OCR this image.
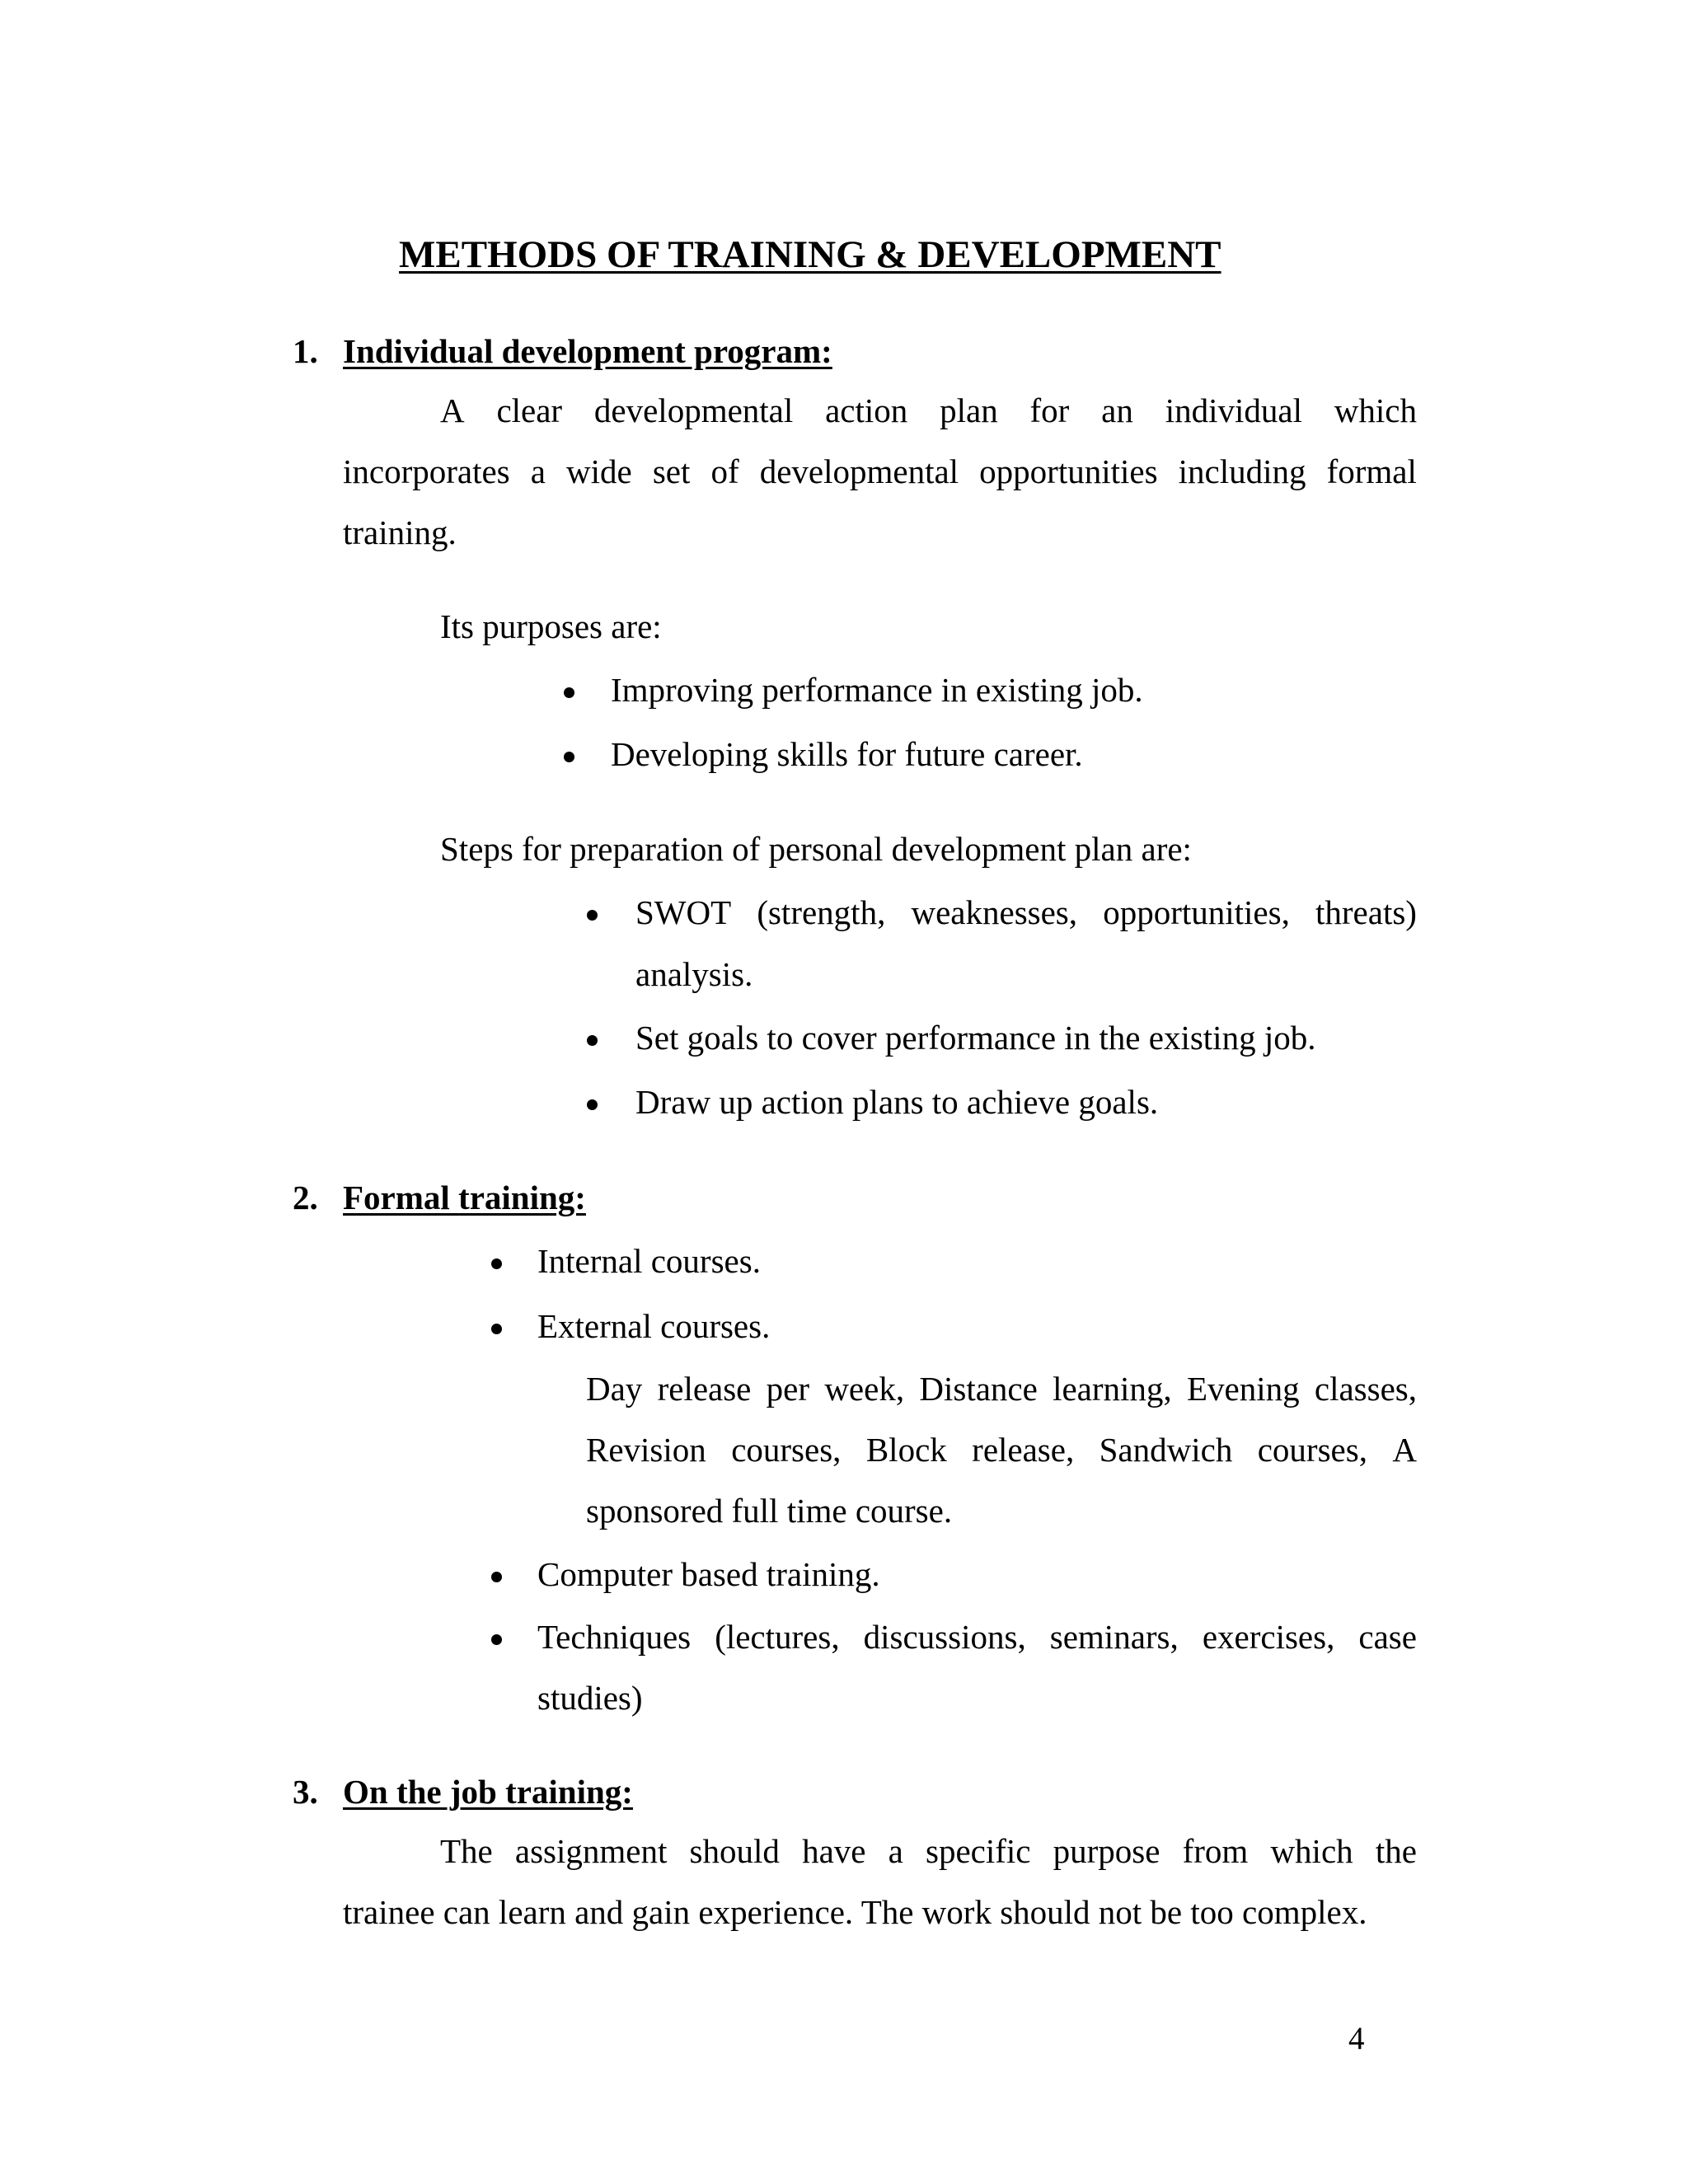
METHODS OF TRAINING & DEVELOPMENT
1. Individual development program:
A clear developmental action plan for an individual which
incorporates a wide set of developmental opportunities including formal
training.
Its purposes are:
Improving performance in existing job.
Developing skills for future career.
Steps for preparation of personal development plan are:
SWOT (strength, weaknesses, opportunities, threats)
analysis.
Set goals to cover performance in the existing job.
Draw up action plans to achieve goals.
2. Formal training:
Internal courses.
External courses.
Day release per week, Distance learning, Evening classes,
Revision courses, Block release, Sandwich courses, A
sponsored full time course.
Computer based training.
Techniques (lectures, discussions, seminars, exercises, case
studies)
3. On the job training:
The assignment should have a specific purpose from which the
trainee can learn and gain experience. The work should not be too complex.
4
